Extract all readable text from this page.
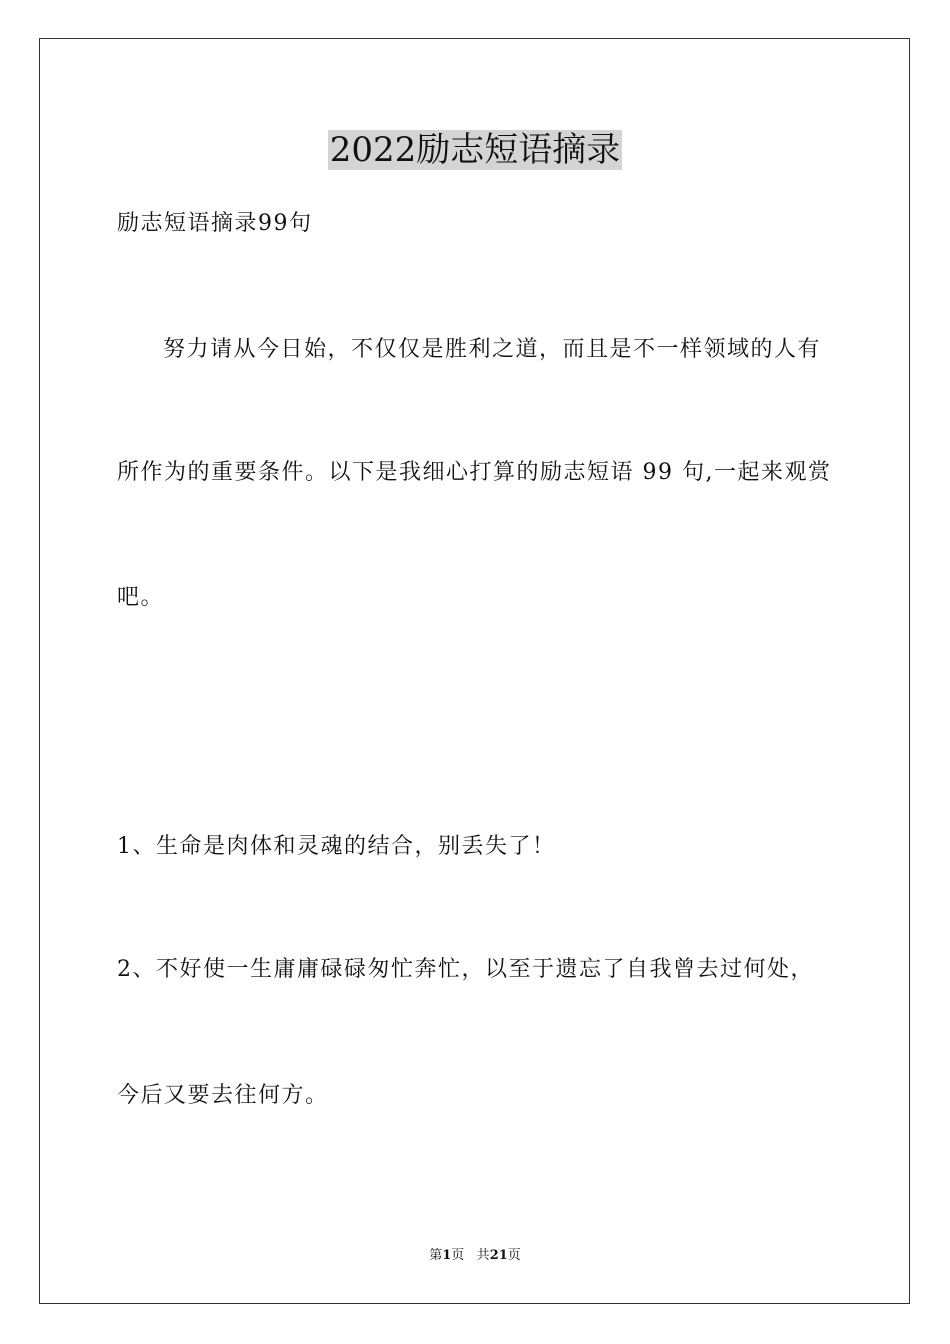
2022励志短语摘录
励志短语摘录99句
努力请从今日始，不仅仅是胜利之道，而且是不一样领域的人有
所作为的重要条件。以下是我细心打算的励志短语 99 句,一起来观赏
吧。
1、生命是肉体和灵魂的结合，别丢失了！
2、不好使一生庸庸碌碌匆忙奔忙，以至于遗忘了自我曾去过何处，
今后又要去往何方。
第1页 共21页
